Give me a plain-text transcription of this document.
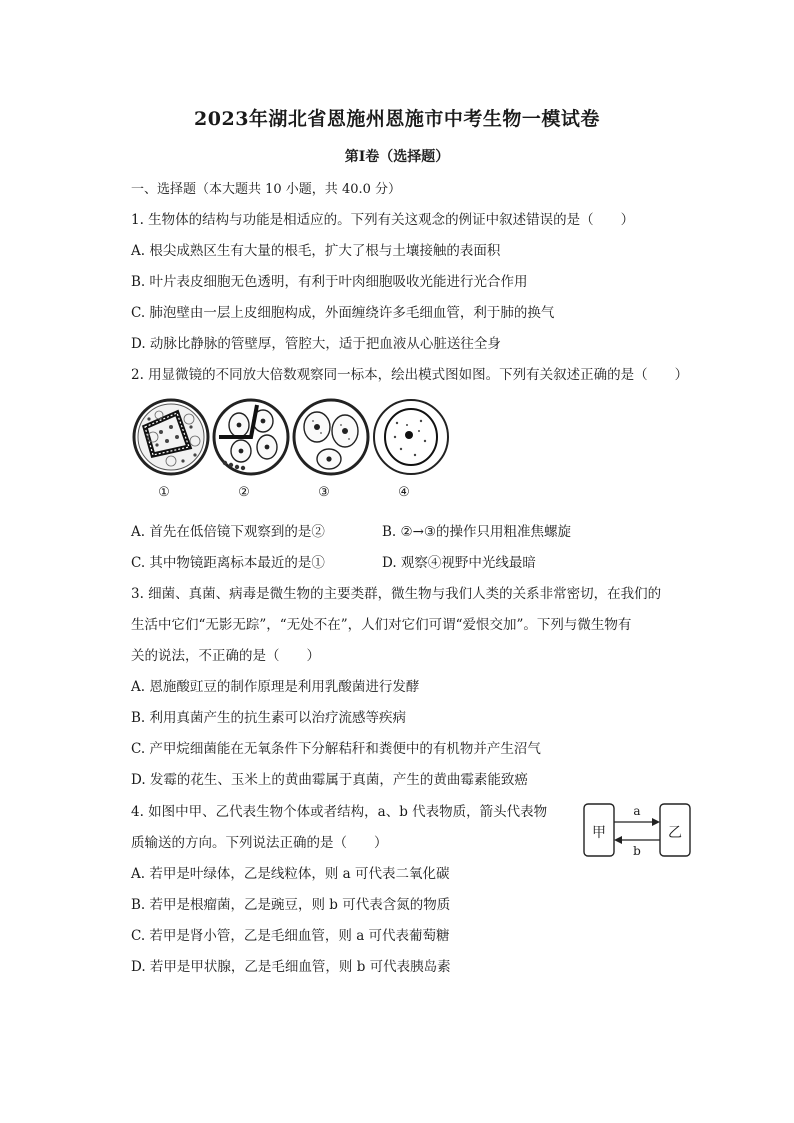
2023年湖北省恩施州恩施市中考生物一模试卷
第Ⅰ卷（选择题）
一、选择题（本大题共 10 小题，共 40.0 分）
1. 生物体的结构与功能是相适应的。下列有关这观念的例证中叙述错误的是（　　）
A. 根尖成熟区生有大量的根毛，扩大了根与土壤接触的表面积
B. 叶片表皮细胞无色透明，有利于叶肉细胞吸收光能进行光合作用
C. 肺泡壁由一层上皮细胞构成，外面缠绕许多毛细血管，利于肺的换气
D. 动脉比静脉的管壁厚，管腔大，适于把血液从心脏送往全身
2. 用显微镜的不同放大倍数观察同一标本，绘出模式图如图。下列有关叙述正确的是（　　）
①	②	③	④
A. 首先在低倍镜下观察到的是②	B. ②→③的操作只用粗准焦螺旋
C. 其中物镜距离标本最近的是①	D. 观察④视野中光线最暗
3. 细菌、真菌、病毒是微生物的主要类群，微生物与我们人类的关系非常密切，在我们的
生活中它们“无影无踪”，“无处不在”，人们对它们可谓“爱恨交加”。下列与微生物有
关的说法，不正确的是（　　）
A. 恩施酸豇豆的制作原理是利用乳酸菌进行发酵
B. 利用真菌产生的抗生素可以治疗流感等疾病
C. 产甲烷细菌能在无氧条件下分解秸秆和粪便中的有机物并产生沼气
D. 发霉的花生、玉米上的黄曲霉属于真菌，产生的黄曲霉素能致癌
4. 如图中甲、乙代表生物个体或者结构，a、b 代表物质，箭头代表物
质输送的方向。下列说法正确的是（　　）
甲	乙
a
b
A. 若甲是叶绿体，乙是线粒体，则 a 可代表二氧化碳
B. 若甲是根瘤菌，乙是豌豆，则 b 可代表含氮的物质
C. 若甲是肾小管，乙是毛细血管，则 a 可代表葡萄糖
D. 若甲是甲状腺，乙是毛细血管，则 b 可代表胰岛素
